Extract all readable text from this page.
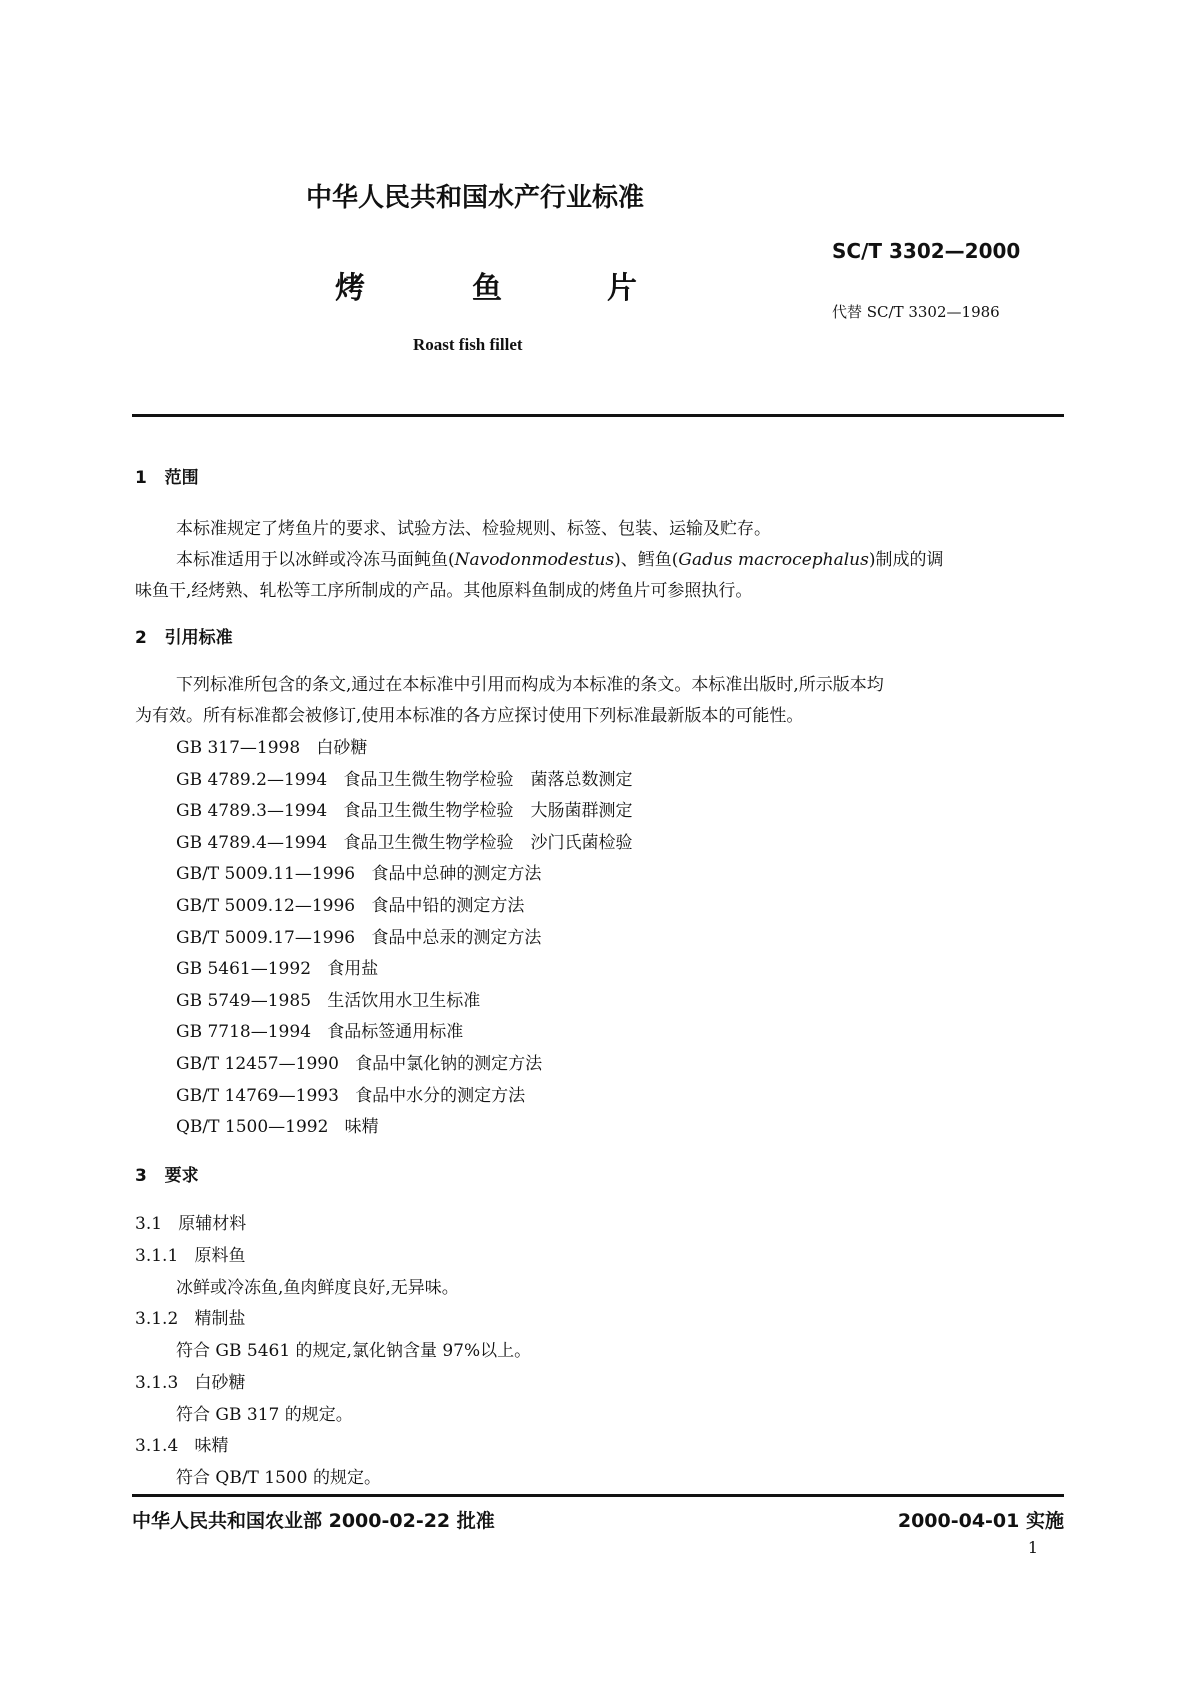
中华人民共和国水产行业标准
SC/T 3302—2000
烤	鱼	片
代替 SC/T 3302—1986
Roast fish fillet
1 范围
本标准规定了烤鱼片的要求、试验方法、检验规则、标签、包装、运输及贮存。
本标准适用于以冰鲜或冷冻马面鲀鱼(Navodonmodestus)、鳕鱼(Gadus macrocephalus)制成的调
味鱼干,经烤熟、轧松等工序所制成的产品。其他原料鱼制成的烤鱼片可参照执行。
2 引用标准
下列标准所包含的条文,通过在本标准中引用而构成为本标准的条文。本标准出版时,所示版本均
为有效。所有标准都会被修订,使用本标准的各方应探讨使用下列标准最新版本的可能性。
GB 317—1998 白砂糖
GB 4789.2—1994 食品卫生微生物学检验　菌落总数测定
GB 4789.3—1994 食品卫生微生物学检验　大肠菌群测定
GB 4789.4—1994 食品卫生微生物学检验　沙门氏菌检验
GB/T 5009.11—1996 食品中总砷的测定方法
GB/T 5009.12—1996 食品中铅的测定方法
GB/T 5009.17—1996 食品中总汞的测定方法
GB 5461—1992 食用盐
GB 5749—1985 生活饮用水卫生标准
GB 7718—1994 食品标签通用标准
GB/T 12457—1990 食品中氯化钠的测定方法
GB/T 14769—1993 食品中水分的测定方法
QB/T 1500—1992 味精
3 要求
3.1 原辅材料
3.1.1 原料鱼
冰鲜或冷冻鱼,鱼肉鲜度良好,无异味。
3.1.2 精制盐
符合 GB 5461 的规定,氯化钠含量 97%以上。
3.1.3 白砂糖
符合 GB 317 的规定。
3.1.4 味精
符合 QB/T 1500 的规定。
中华人民共和国农业部 2000-02-22 批准	2000-04-01 实施
1
